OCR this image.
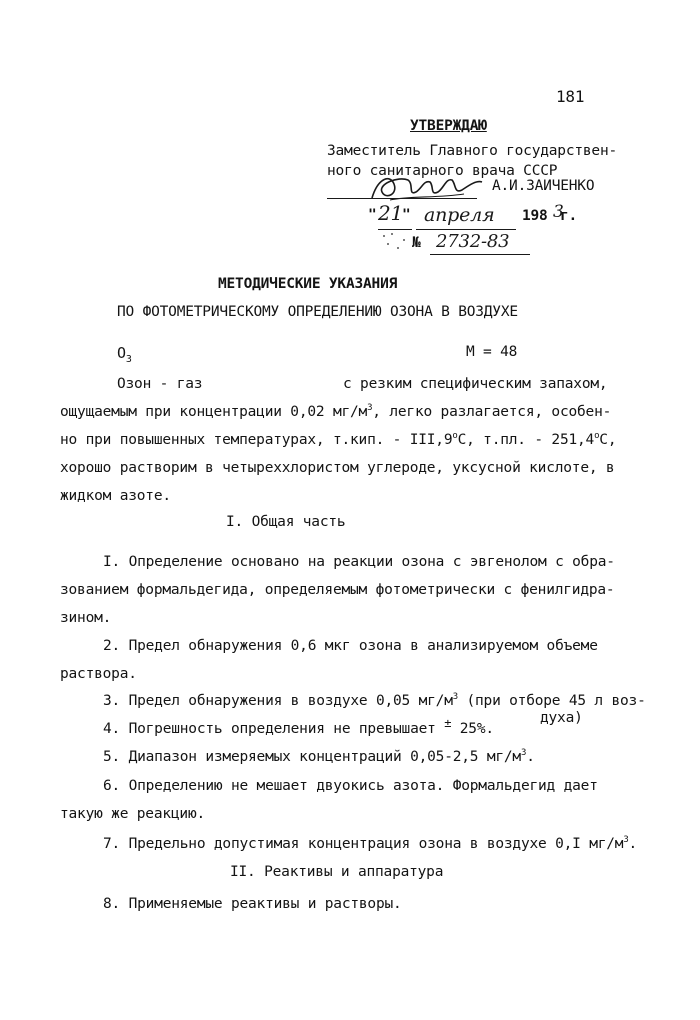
181
УТВЕРЖДАЮ
Заместитель Главного государствен-
ного санитарного врача СССР
А.И.ЗАИЧЕНКО
" 21
" апреля 198 3
г.
№ 2732-83
МЕТОДИЧЕСКИЕ УКАЗАНИЯ
ПО ФОТОМЕТРИЧЕСКОМУ ОПРЕДЕЛЕНИЮ ОЗОНА В ВОЗДУХЕ
$O_3$	М = 48
Озон - газ	с резким специфическим запахом,
ощущаемым при концентрации 0,02 $мг/м^3$, легко разлагается, особен-
но при повышенных температурах, т.кип. - $III,9^оС$, т.пл. - $251,4^оС$,
хорошо растворим в четыреххлористом углероде, уксусной кислоте, в
жидком азоте.
I. Общая часть
I. Определение основано на реакции озона с эвгенолом с обра-
зованием формальдегида, определяемым фотометрически с фенилгидра-
зином.
2. Предел обнаружения 0,6 мкг озона в анализируемом объеме
раствора.
3. Предел обнаружения в воздухе 0,05 $мг/м^3$ (при отборе 45 л воз-
духа)
4. Погрешность определения не превышает ± 25%.
5. Диапазон измеряемых концентраций 0,05-2,5 $мг/м^3$.
6. Определению не мешает двуокись азота. Формальдегид дает
такую же реакцию.
7. Предельно допустимая концентрация озона в воздухе 0,I $мг/м^3$.
II. Реактивы и аппаратура
8. Применяемые реактивы и растворы.
